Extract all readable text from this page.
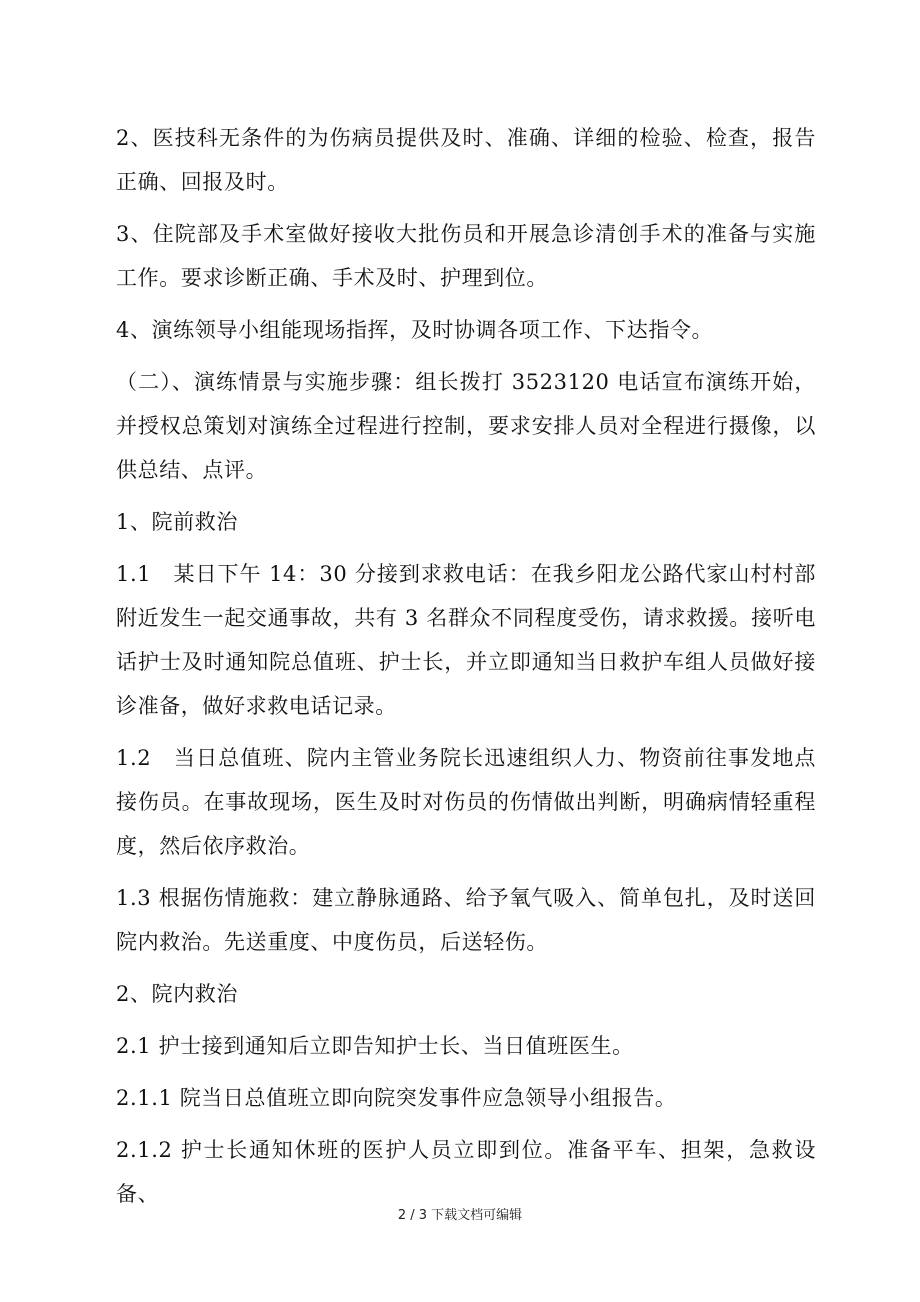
2、医技科无条件的为伤病员提供及时、准确、详细的检验、检查，报告正确、回报及时。

3、住院部及手术室做好接收大批伤员和开展急诊清创手术的准备与实施工作。要求诊断正确、手术及时、护理到位。

4、演练领导小组能现场指挥，及时协调各项工作、下达指令。

（二）、演练情景与实施步骤：组长拨打 3523120 电话宣布演练开始，并授权总策划对演练全过程进行控制，要求安排人员对全程进行摄像，以供总结、点评。

1、院前救治

1.1　某日下午 14：30 分接到求救电话：在我乡阳龙公路代家山村村部附近发生一起交通事故，共有 3 名群众不同程度受伤，请求救援。接听电话护士及时通知院总值班、护士长，并立即通知当日救护车组人员做好接诊准备，做好求救电话记录。

1.2　当日总值班、院内主管业务院长迅速组织人力、物资前往事发地点接伤员。在事故现场，医生及时对伤员的伤情做出判断，明确病情轻重程度，然后依序救治。

1.3 根据伤情施救：建立静脉通路、给予氧气吸入、简单包扎，及时送回院内救治。先送重度、中度伤员，后送轻伤。

2、院内救治

2.1 护士接到通知后立即告知护士长、当日值班医生。

2.1.1 院当日总值班立即向院突发事件应急领导小组报告。

2.1.2 护士长通知休班的医护人员立即到位。准备平车、担架，急救设备、

2 / 3 下载文档可编辑
